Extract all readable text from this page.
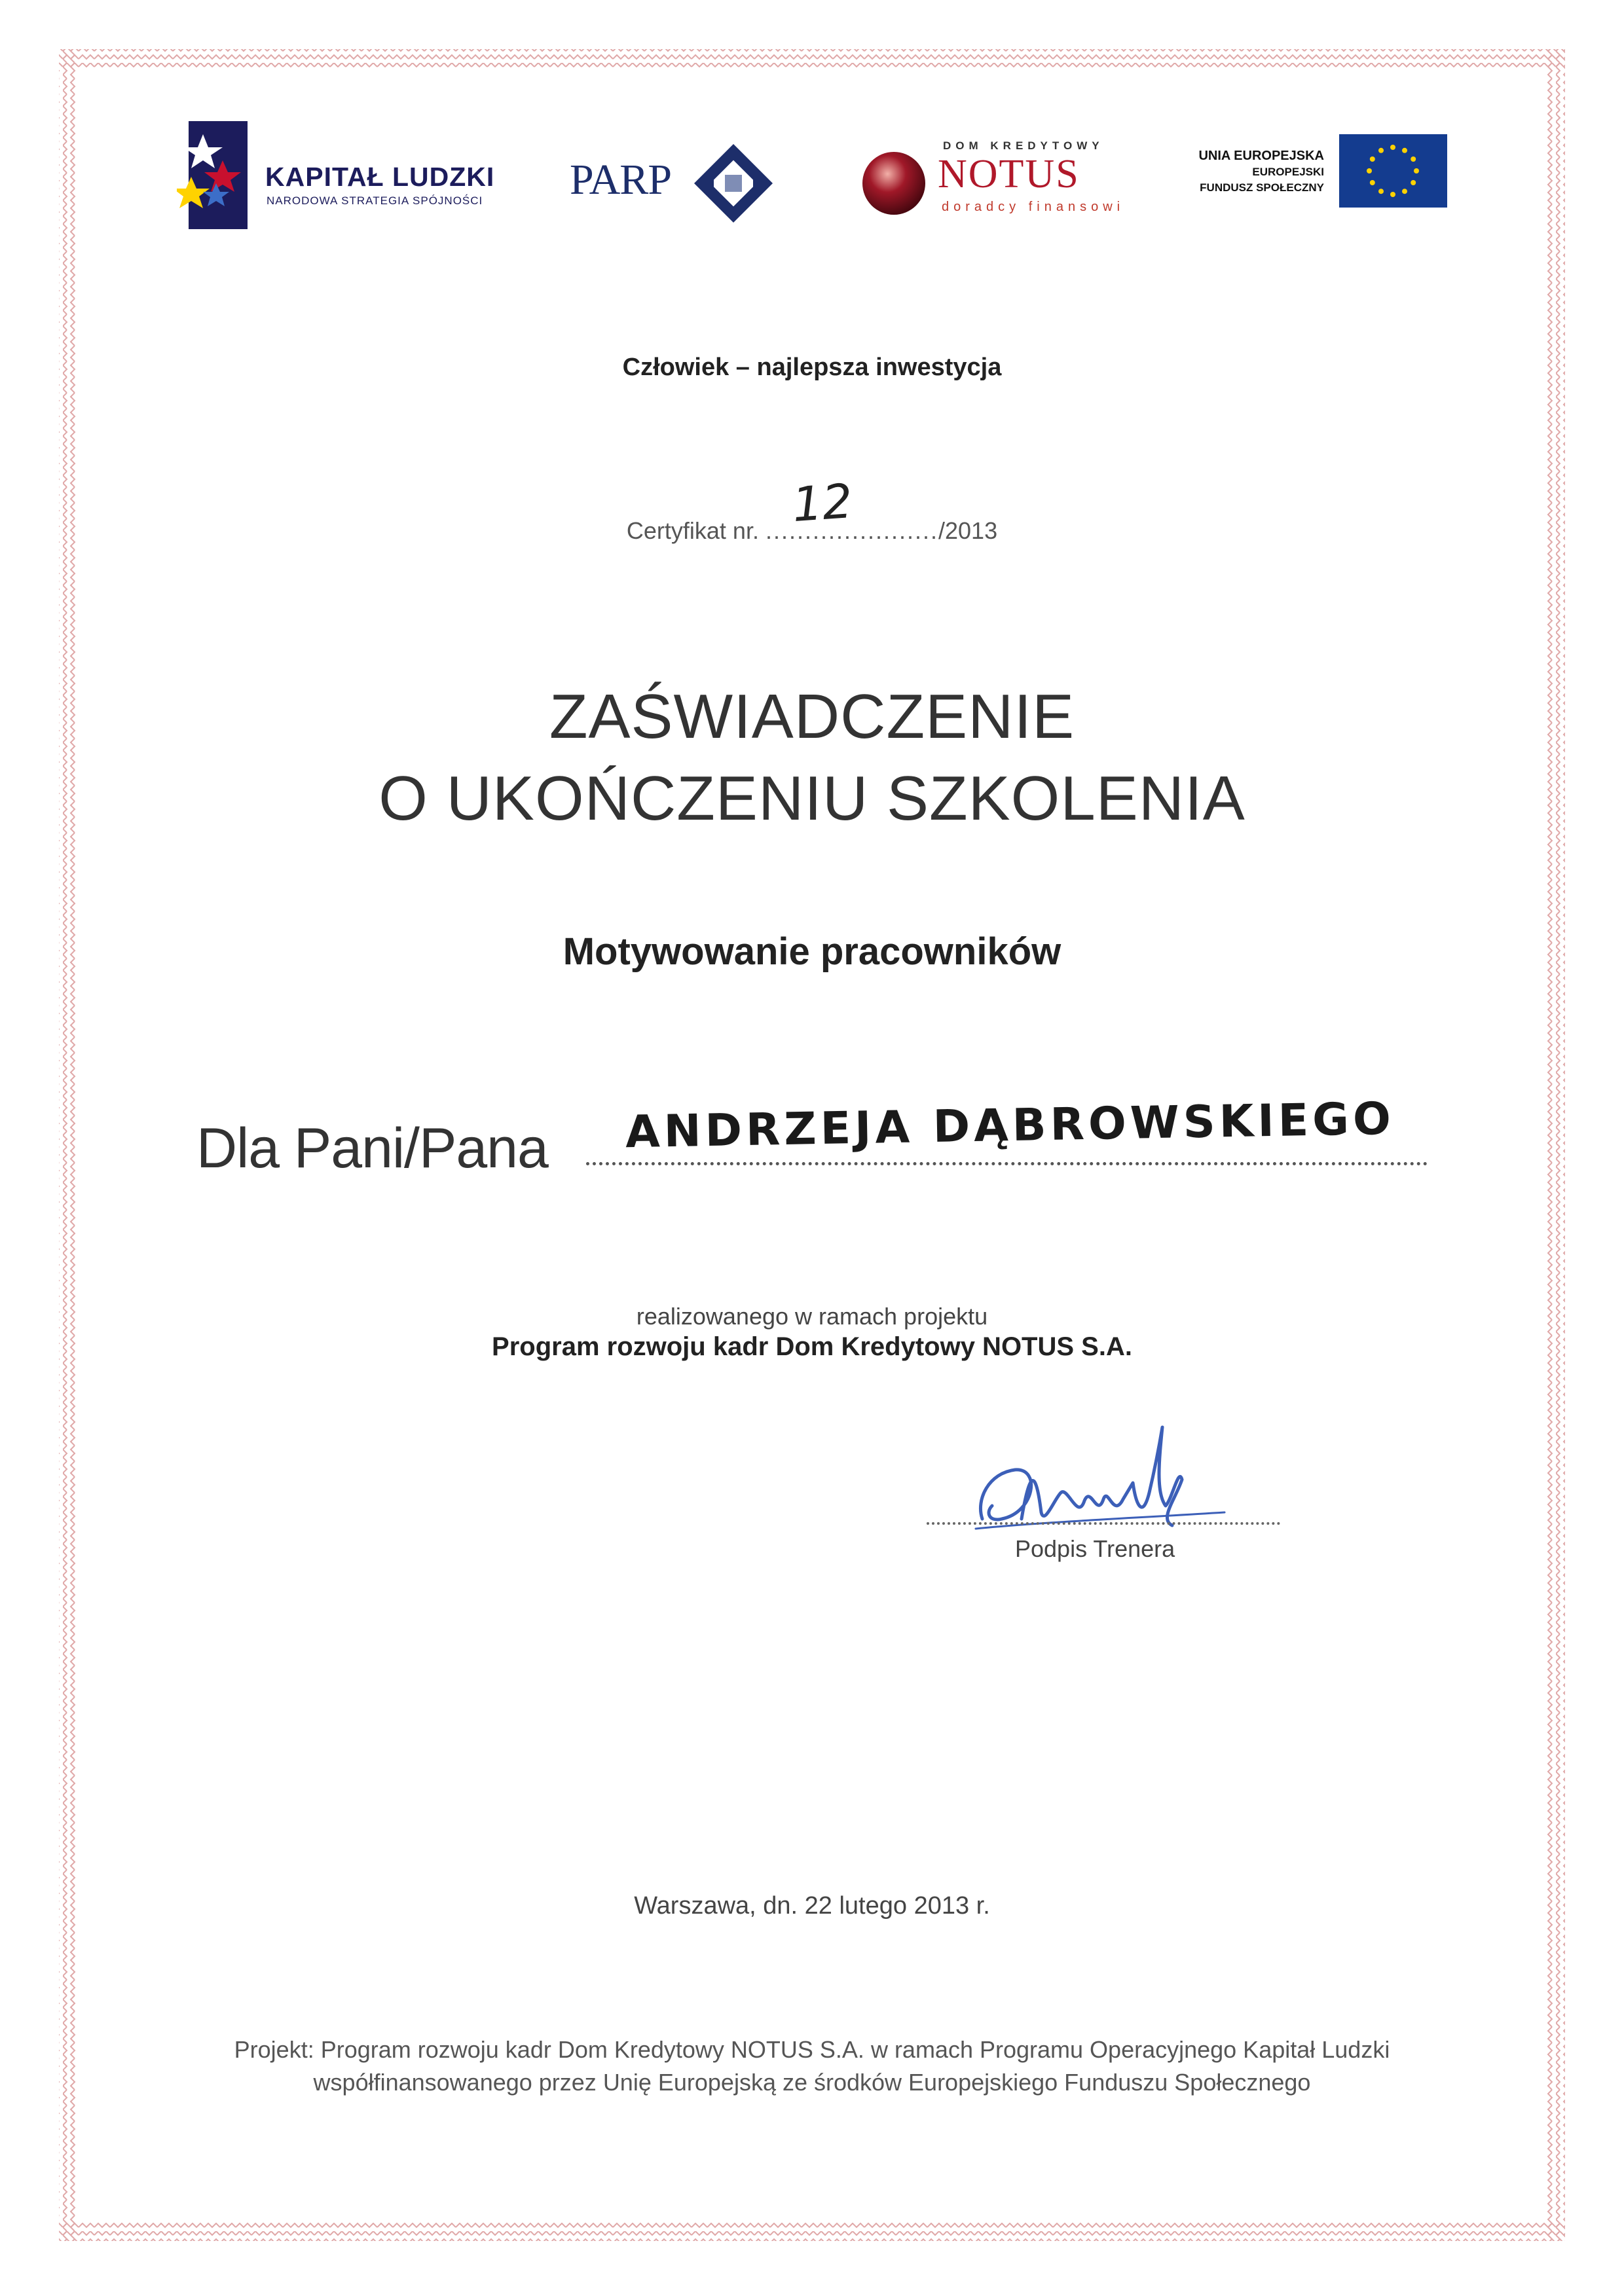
KAPITAŁ LUDZKI
NARODOWA STRATEGIA SPÓJNOŚCI PARP
DOM KREDYTOWY
NOTUS
doradcy finansowi
UNIA EUROPEJSKA
EUROPEJSKI
FUNDUSZ SPOŁECZNY
Człowiek – najlepsza inwestycja
Certyfikat nr. ....................../2013
12
ZAŚWIADCZENIE
O UKOŃCZENIU SZKOLENIA
Motywowanie pracowników
Dla Pani/Pana ANDRZEJA DĄBROWSKIEGO
realizowanego w ramach projektu
Program rozwoju kadr Dom Kredytowy NOTUS S.A.
Podpis Trenera
Warszawa, dn. 22 lutego 2013 r.
Projekt: Program rozwoju kadr Dom Kredytowy NOTUS S.A. w ramach Programu Operacyjnego Kapitał Ludzki
współfinansowanego przez Unię Europejską ze środków Europejskiego Funduszu Społecznego
